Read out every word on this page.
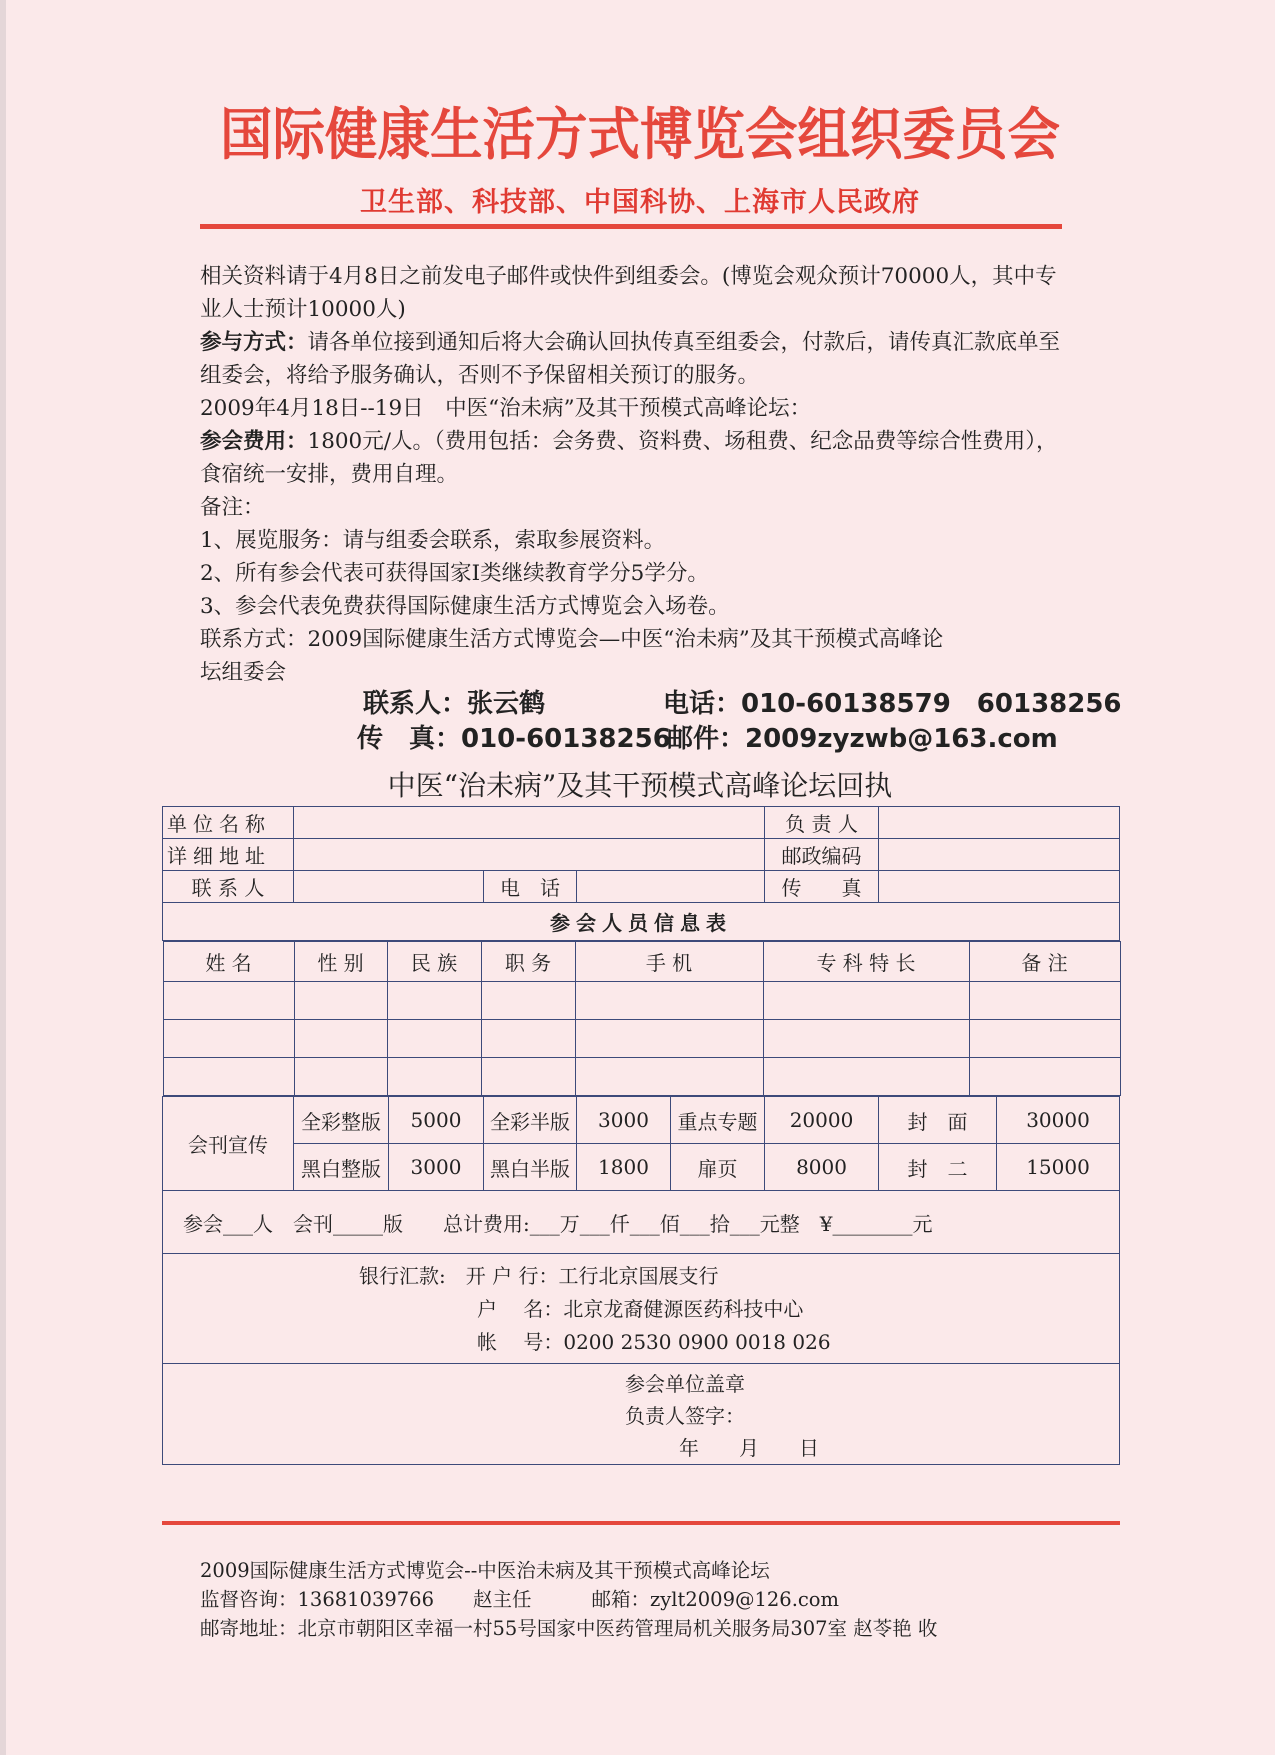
国际健康生活方式博览会组织委员会
卫生部、科技部、中国科协、上海市人民政府

相关资料请于4月8日之前发电子邮件或快件到组委会。(博览会观众预计70000人，其中专业人士预计10000人)

参与方式：请各单位接到通知后将大会确认回执传真至组委会，付款后，请传真汇款底单至组委会，将给予服务确认，否则不予保留相关预订的服务。

2009年4月18日--19日　中医“治未病”及其干预模式高峰论坛：

参会费用：1800元/人。（费用包括：会务费、资料费、场租费、纪念品费等综合性费用），食宿统一安排，费用自理。

备注：

1、展览服务：请与组委会联系，索取参展资料。

2、所有参会代表可获得国家Ⅰ类继续教育学分5学分。

3、参会代表免费获得国际健康生活方式博览会入场卷。

联系方式：2009国际健康生活方式博览会—中医“治未病”及其干预模式高峰论坛组委会

联系人：张云鹤	电话：010-60138579　60138256
传　真：010-60138256
邮件：2009zyzwb@163.com
中医“治未病”及其干预模式高峰论坛回执
单位名称		负 责 人	
详细地址		邮政编码	
联 系 人		电　话		传　　真	
参会人员信息表

姓 名	性 别	民 族	职 务	手 机	专 科 特 长	备 注

会刊宣传	全彩整版	5000	全彩半版	3000	重点专题	20000	封　面	30000
黑白整版	3000	黑白半版	1800	扉页	8000	封　二	15000
参会___人　会刊_____版　　总计费用:___万___仟___佰___拾___元整　¥________元

银行汇款:　 开 户 行：工行北京国展支行
户　 名：北京龙裔健源医药科技中心
帐　 号：0200 2530 0900 0018 026

参会单位盖章
负责人签字：
年　　月　　日

2009国际健康生活方式博览会--中医治未病及其干预模式高峰论坛

监督咨询：13681039766　　赵主任	邮箱：zylt2009@126.com

邮寄地址：北京市朝阳区幸福一村55号国家中医药管理局机关服务局307室 赵苓艳 收
